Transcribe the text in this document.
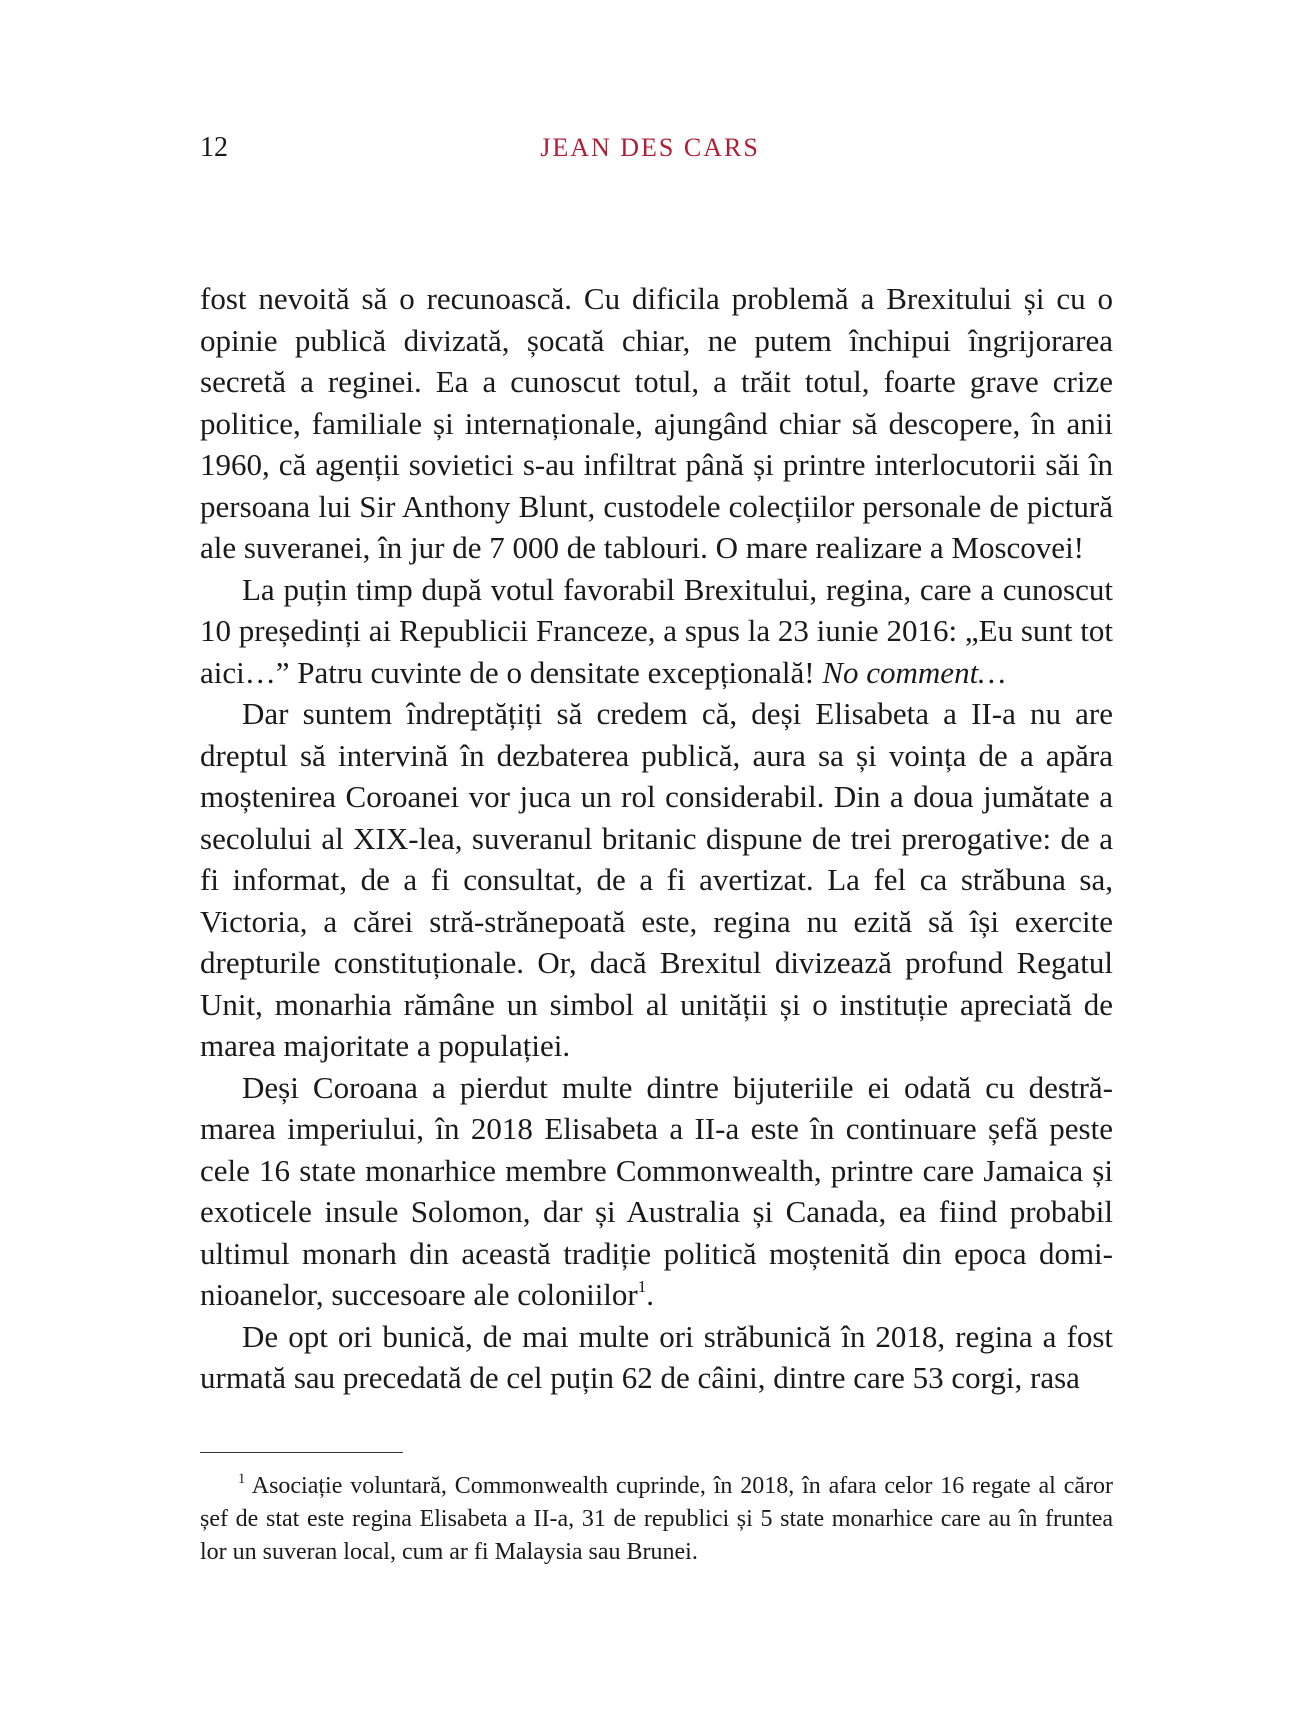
12	JEAN DES CARS

fost nevoită să o recunoască. Cu dificila problemă a Brexitului și cu o opinie publică divizată, șocată chiar, ne putem închipui îngrijorarea secretă a reginei. Ea a cunoscut totul, a trăit totul, foarte grave crize politice, familiale și internaționale, ajungând chiar să descopere, în anii 1960, că agenții sovietici s-au infiltrat până și printre interlocutorii săi în persoana lui Sir Anthony Blunt, custodele colecțiilor personale de pictură ale suveranei, în jur de 7 000 de tablouri. O mare realizare a Moscovei!

La puțin timp după votul favorabil Brexitului, regina, care a cunoscut 10 președinți ai Republicii Franceze, a spus la 23 iunie 2016: „Eu sunt tot aici…” Patru cuvinte de o densitate excepțională! No comment…

Dar suntem îndreptățiți să credem că, deși Elisabeta a II-a nu are dreptul să intervină în dezbaterea publică, aura sa și voința de a apăra moștenirea Coroanei vor juca un rol considerabil. Din a doua jumătate a secolului al XIX-lea, suveranul britanic dispune de trei prerogative: de a fi informat, de a fi consultat, de a fi avertizat. La fel ca străbuna sa, Victoria, a cărei stră-strănepoată este, regina nu ezită să își exercite drepturile constituționale. Or, dacă Brexitul divizează profund Regatul Unit, monarhia rămâne un simbol al unității și o instituție apreciată de marea majoritate a populației.

Deși Coroana a pierdut multe dintre bijuteriile ei odată cu destrămarea imperiului, în 2018 Elisabeta a II-a este în continuare șefă peste cele 16 state monarhice membre Commonwealth, printre care Jamaica și exoticele insule Solomon, dar și Australia și Canada, ea fiind probabil ultimul monarh din această tradiție politică moștenită din epoca dominioanelor, succesoare ale coloniilor$^1$.

De opt ori bunică, de mai multe ori străbunică în 2018, regina a fost urmată sau precedată de cel puțin 62 de câini, dintre care 53 corgi, rasa

$^1$ Asociație voluntară, Commonwealth cuprinde, în 2018, în afara celor 16 regate al căror șef de stat este regina Elisabeta a II-a, 31 de republici și 5 state monarhice care au în fruntea lor un suveran local, cum ar fi Malaysia sau Brunei.
